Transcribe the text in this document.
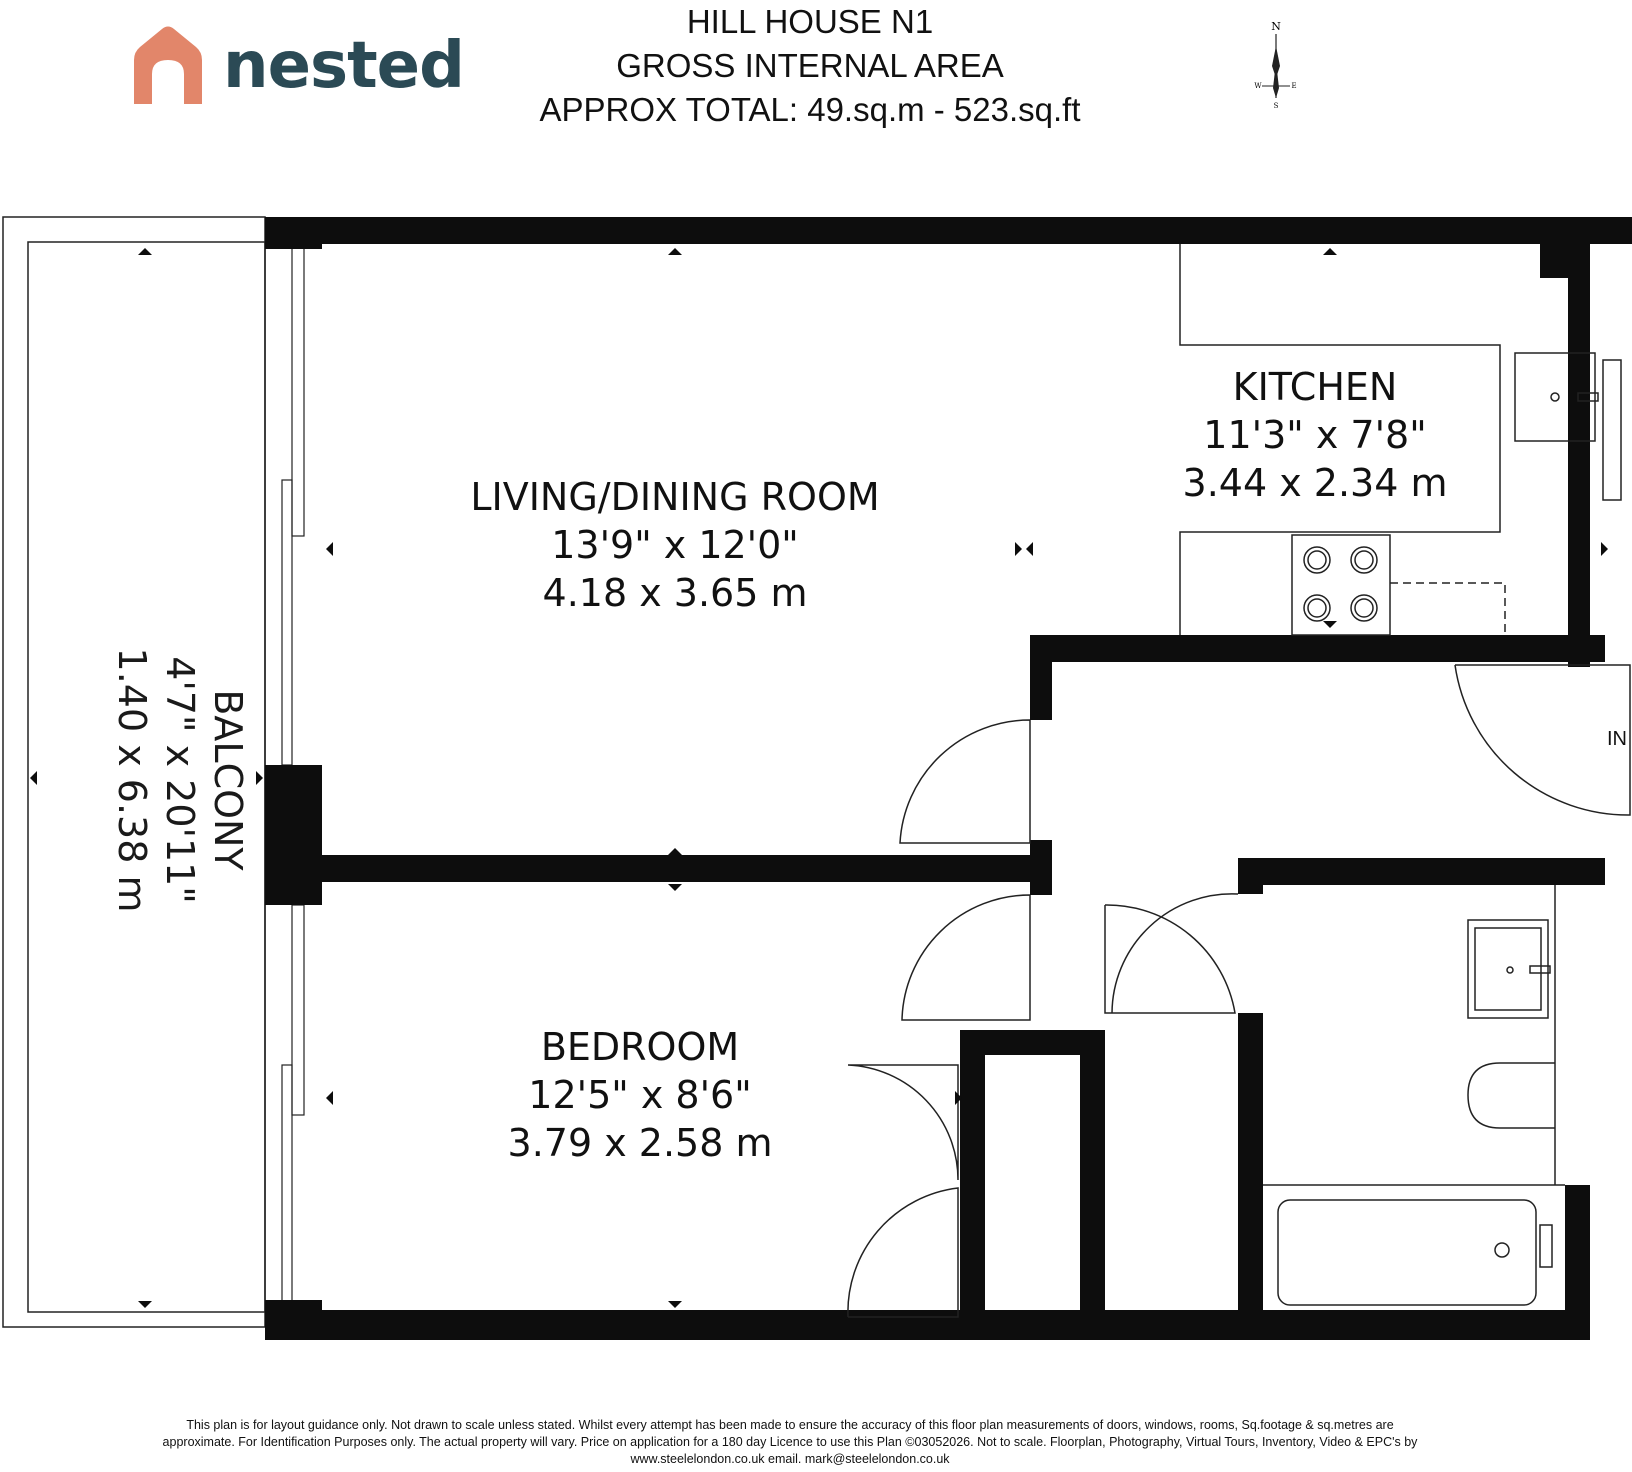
nested
HILL HOUSE N1
GROSS INTERNAL AREA
APPROX TOTAL: 49.sq.m - 523.sq.ft
N
W	E
S
LIVING/DINING ROOM
13'9" x 12'0"
4.18 x 3.65 m
KITCHEN
11'3" x 7'8"
3.44 x 2.34 m
BEDROOM
12'5" x 8'6"
3.79 x 2.58 m
BALCONY
4'7" x 20'11"
1.40 x 6.38 m	IN
This plan is for layout guidance only. Not drawn to scale unless stated. Whilst every attempt has been made to ensure the accuracy of this floor plan measurements of doors, windows, rooms, Sq.footage & sq.metres are approximate. For Identification Purposes only. The actual property will vary. Price on application for a 180 day Licence to use this Plan ©03052026. Not to scale. Floorplan, Photography, Virtual Tours, Inventory, Video & EPC's by www.steelelondon.co.uk email. mark@steelelondon.co.uk
